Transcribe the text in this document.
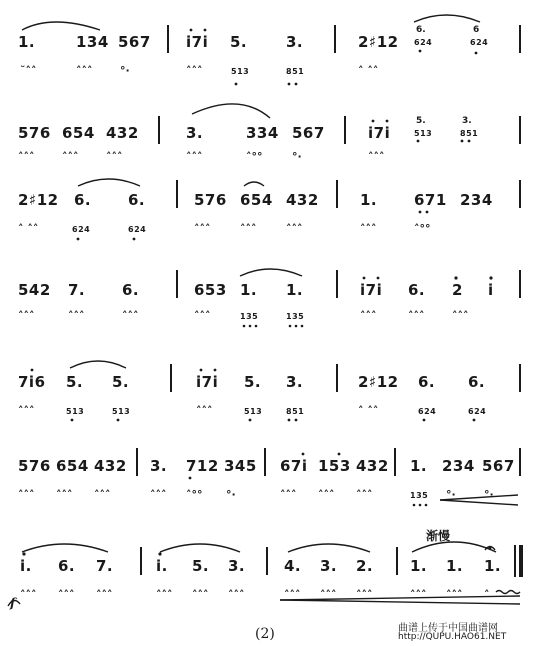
1.	134 567 i7i 5.	3.	2♯12
6.
624
6
624
˘˄˄	˄˄˄	°·	˄˄˄	513	851	˄ ˄˄
576 654 432	3.	334 567	i7i
5.
513
3.
851
˄˄˄	˄˄˄	˄˄˄	˄˄˄	˄°°	°·	˄˄˄
2♯12 6. 6.	576 654 432	1. 671 234
˄ ˄˄	624	624	˄˄˄	˄˄˄	˄˄˄	˄˄˄	˄°°
542 7. 6.	653 1. 1.	i7i 6. 2 i
˄˄˄	˄˄˄	˄˄˄	˄˄˄	135	135	˄˄˄	˄˄˄	˄˄˄
7i6 5. 5.	i7i 5. 3.	2♯12 6. 6.
˄˄˄	513	513	˄˄˄	513	851	˄ ˄˄	624	624
576 654 432 3. 712 345 67i 153 432 1. 234 567
˄˄˄ ˄˄˄ ˄˄˄	˄˄˄ ˄°° °·	˄˄˄ ˄˄˄ ˄˄˄	135 °·	°·
渐慢
i. 6. 7.	i. 5. 3.	4. 3. 2. 1. 1. 1.
f
˄˄˄ ˄˄˄ ˄˄˄	˄˄˄ ˄˄˄ ˄˄˄	˄˄˄ ˄˄˄ ˄˄˄	˄˄˄ ˄˄˄ ˄
(2)	曲谱上传于中国曲谱网
http://QUPU.HAO61.NET
